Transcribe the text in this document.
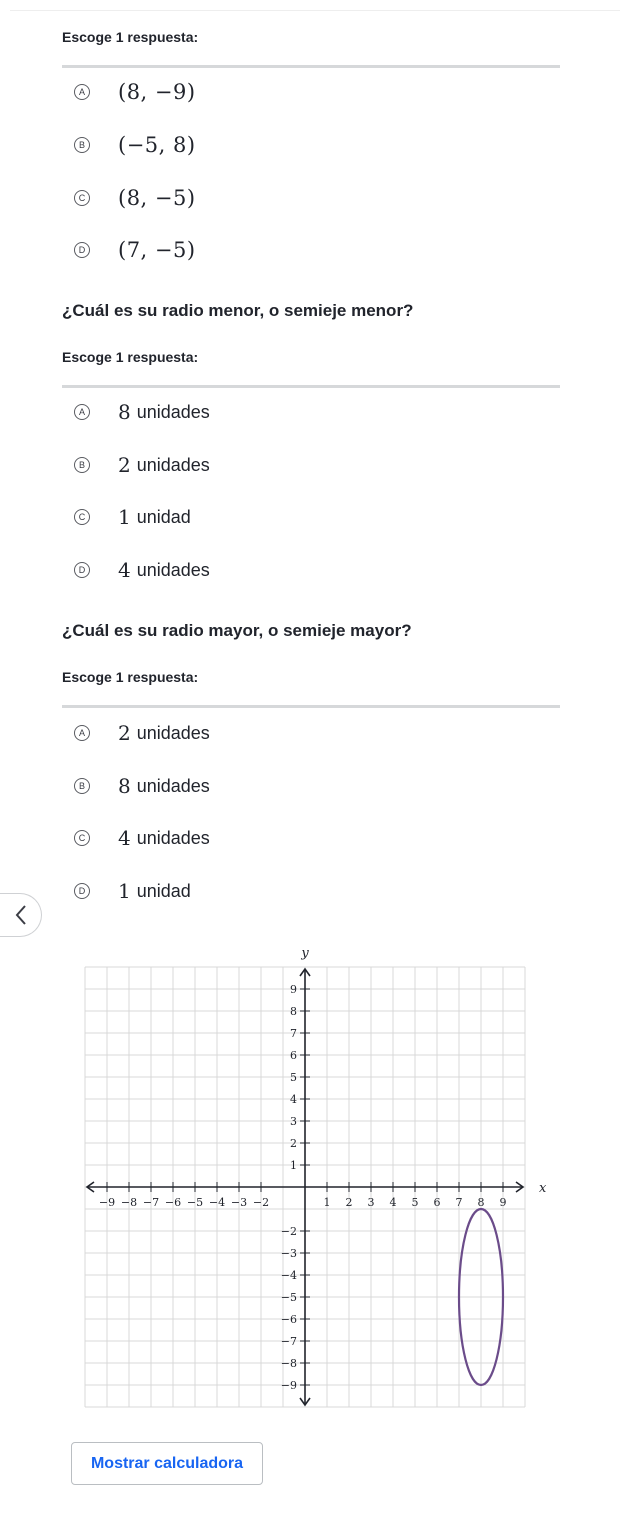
Escoge 1 respuesta:
A (8, −9)
B (−5, 8)
C (8, −5)
D (7, −5)
¿Cuál es su radio menor, o semieje menor?
Escoge 1 respuesta:
A 8 unidades
B 2 unidades
C 1 unidad
D 4 unidades
¿Cuál es su radio mayor, o semieje mayor?
Escoge 1 respuesta:
A 2 unidades
B 8 unidades
C 4 unidades
D 1 unidad
x
y
−9 −8 −7 −6 −5 −4 −3 −2	1 2 3 4 5 6 7 8 9
9
8
7
6
5
4
3
2
1
−2
−3
−4
−5
−6
−7
−8
−9
Mostrar calculadora
